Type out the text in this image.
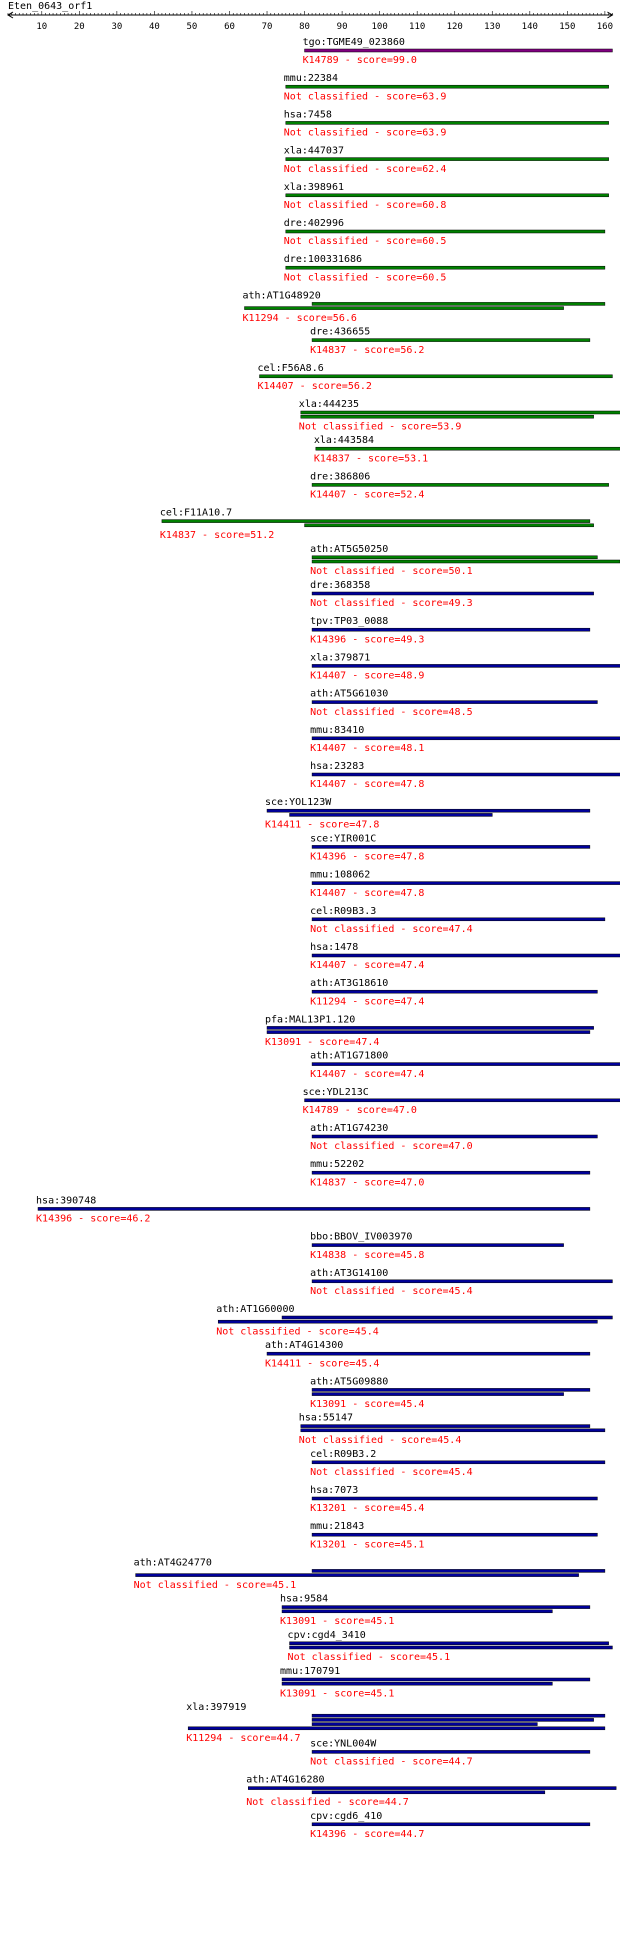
Eten_0643_orf1
10	20	30	40	50	60	70	80	90	100 110 120 130 140 150 160
tgo:TGME49_023860
K14789 - score=99.0
mmu:22384
Not classified - score=63.9
hsa:7458
Not classified - score=63.9
xla:447037
Not classified - score=62.4
xla:398961
Not classified - score=60.8
dre:402996
Not classified - score=60.5
dre:100331686
Not classified - score=60.5
ath:AT1G48920
K11294 - score=56.6
dre:436655
K14837 - score=56.2
cel:F56A8.6
K14407 - score=56.2
xla:444235
Not classified - score=53.9
xla:443584
K14837 - score=53.1
dre:386806
K14407 - score=52.4
cel:F11A10.7
K14837 - score=51.2
ath:AT5G50250
Not classified - score=50.1
dre:368358
Not classified - score=49.3
tpv:TP03_0088
K14396 - score=49.3
xla:379871
K14407 - score=48.9
ath:AT5G61030
Not classified - score=48.5
mmu:83410
K14407 - score=48.1
hsa:23283
K14407 - score=47.8
sce:YOL123W
K14411 - score=47.8
sce:YIR001C
K14396 - score=47.8
mmu:108062
K14407 - score=47.8
cel:R09B3.3
Not classified - score=47.4
hsa:1478
K14407 - score=47.4
ath:AT3G18610
K11294 - score=47.4
pfa:MAL13P1.120
K13091 - score=47.4
ath:AT1G71800
K14407 - score=47.4
sce:YDL213C
K14789 - score=47.0
ath:AT1G74230
Not classified - score=47.0
mmu:52202
K14837 - score=47.0
hsa:390748
K14396 - score=46.2
bbo:BBOV_IV003970
K14838 - score=45.8
ath:AT3G14100
Not classified - score=45.4
ath:AT1G60000
Not classified - score=45.4
ath:AT4G14300
K14411 - score=45.4
ath:AT5G09880
K13091 - score=45.4
hsa:55147
Not classified - score=45.4
cel:R09B3.2
Not classified - score=45.4
hsa:7073
K13201 - score=45.4
mmu:21843
K13201 - score=45.1
ath:AT4G24770
Not classified - score=45.1
hsa:9584
K13091 - score=45.1
cpv:cgd4_3410
Not classified - score=45.1
mmu:170791
K13091 - score=45.1
xla:397919
K11294 - score=44.7 sce:YNL004W
Not classified - score=44.7
ath:AT4G16280
Not classified - score=44.7
cpv:cgd6_410
K14396 - score=44.7
